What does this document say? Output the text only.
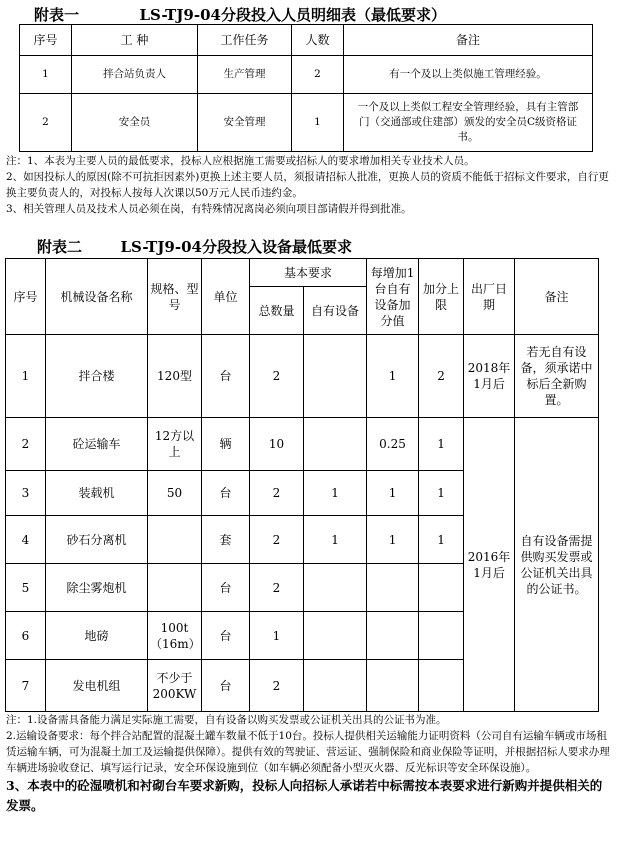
附表一	LS-TJ9-04分段投入人员明细表（最低要求）
序号	工 种	工作任务	人数	备注
1	拌合站负责人	生产管理	2	有一个及以上类似施工管理经验。
2	安全员	安全管理	1	一个及以上类似工程安全管理经验，具有主管部门（交通部或住建部）颁发的安全员C级资格证书。

注：1、本表为主要人员的最低要求，投标人应根据施工需要或招标人的要求增加相关专业技术人员。

2、如因投标人的原因(除不可抗拒因素外)更换上述主要人员，须报请招标人批准，更换人员的资质不能低于招标文件要求，自行更换主要负责人的，对投标人按每人次课以50万元人民币违约金。

3、相关管理人员及技术人员必须在岗，有特殊情况离岗必须向项目部请假并得到批准。

附表二	LS-TJ9-04分段投入设备最低要求
序号	机械设备名称	规格、型号	单位	基本要求		每增加1台自有设备加分值	加分上限	出厂日期	备注
				总数量	自有设备				
1	拌合楼	120型	台	2		1	2	2018年1月后	若无自有设备，须承诺中标后全新购置。
2	砼运输车	12方以上	辆	10		0.25	1	2016年1月后	自有设备需提供购买发票或公证机关出具的公证书。
3	装载机	50	台	2	1	1	1		
4	砂石分离机		套	2	1	1	1		
5	除尘雾炮机		台	2					
6	地磅	100t（16m）	台	1					
7	发电机组	不少于200KW	台	2					

注：1.设备需具备能力满足实际施工需要，自有设备以购买发票或公证机关出具的公证书为准。

2.运输设备要求：每个拌合站配置的混凝土罐车数量不低于10台。投标人提供相关运输能力证明资料（公司自有运输车辆或市场租赁运输车辆，可为混凝土加工及运输提供保障）。提供有效的驾驶证、营运证、强制保险和商业保险等证明，并根据招标人要求办理车辆进场验收登记、填写运行记录，安全环保设施到位（如车辆必须配备小型灭火器、反光标识等安全环保设施）。

3、本表中的砼湿喷机和衬砌台车要求新购，投标人向招标人承诺若中标需按本表要求进行新购并提供相关的发票。
